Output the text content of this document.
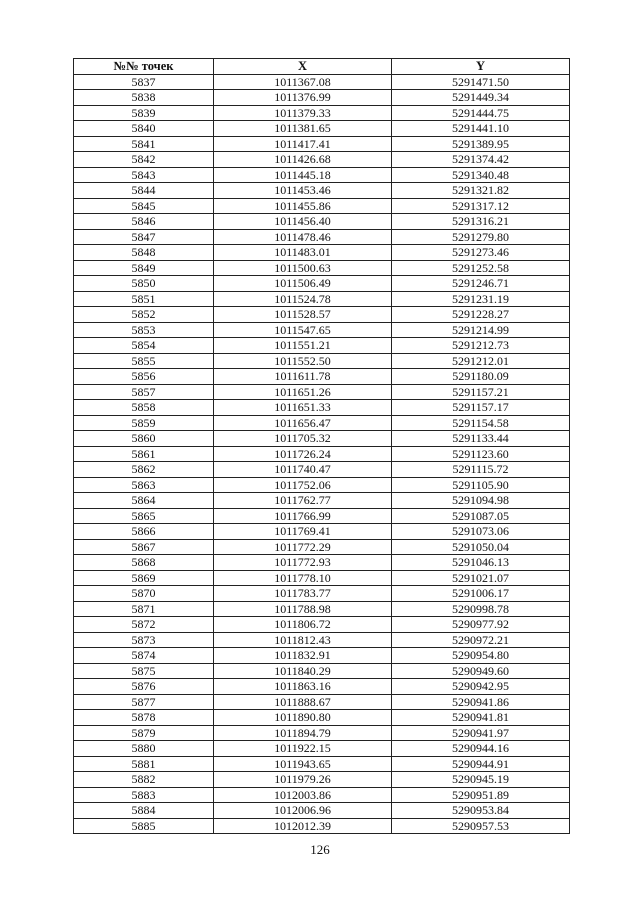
№№ точек	X	Y
5837	1011367.08	5291471.50
5838	1011376.99	5291449.34
5839	1011379.33	5291444.75
5840	1011381.65	5291441.10
5841	1011417.41	5291389.95
5842	1011426.68	5291374.42
5843	1011445.18	5291340.48
5844	1011453.46	5291321.82
5845	1011455.86	5291317.12
5846	1011456.40	5291316.21
5847	1011478.46	5291279.80
5848	1011483.01	5291273.46
5849	1011500.63	5291252.58
5850	1011506.49	5291246.71
5851	1011524.78	5291231.19
5852	1011528.57	5291228.27
5853	1011547.65	5291214.99
5854	1011551.21	5291212.73
5855	1011552.50	5291212.01
5856	1011611.78	5291180.09
5857	1011651.26	5291157.21
5858	1011651.33	5291157.17
5859	1011656.47	5291154.58
5860	1011705.32	5291133.44
5861	1011726.24	5291123.60
5862	1011740.47	5291115.72
5863	1011752.06	5291105.90
5864	1011762.77	5291094.98
5865	1011766.99	5291087.05
5866	1011769.41	5291073.06
5867	1011772.29	5291050.04
5868	1011772.93	5291046.13
5869	1011778.10	5291021.07
5870	1011783.77	5291006.17
5871	1011788.98	5290998.78
5872	1011806.72	5290977.92
5873	1011812.43	5290972.21
5874	1011832.91	5290954.80
5875	1011840.29	5290949.60
5876	1011863.16	5290942.95
5877	1011888.67	5290941.86
5878	1011890.80	5290941.81
5879	1011894.79	5290941.97
5880	1011922.15	5290944.16
5881	1011943.65	5290944.91
5882	1011979.26	5290945.19
5883	1012003.86	5290951.89
5884	1012006.96	5290953.84
5885	1012012.39	5290957.53
126
